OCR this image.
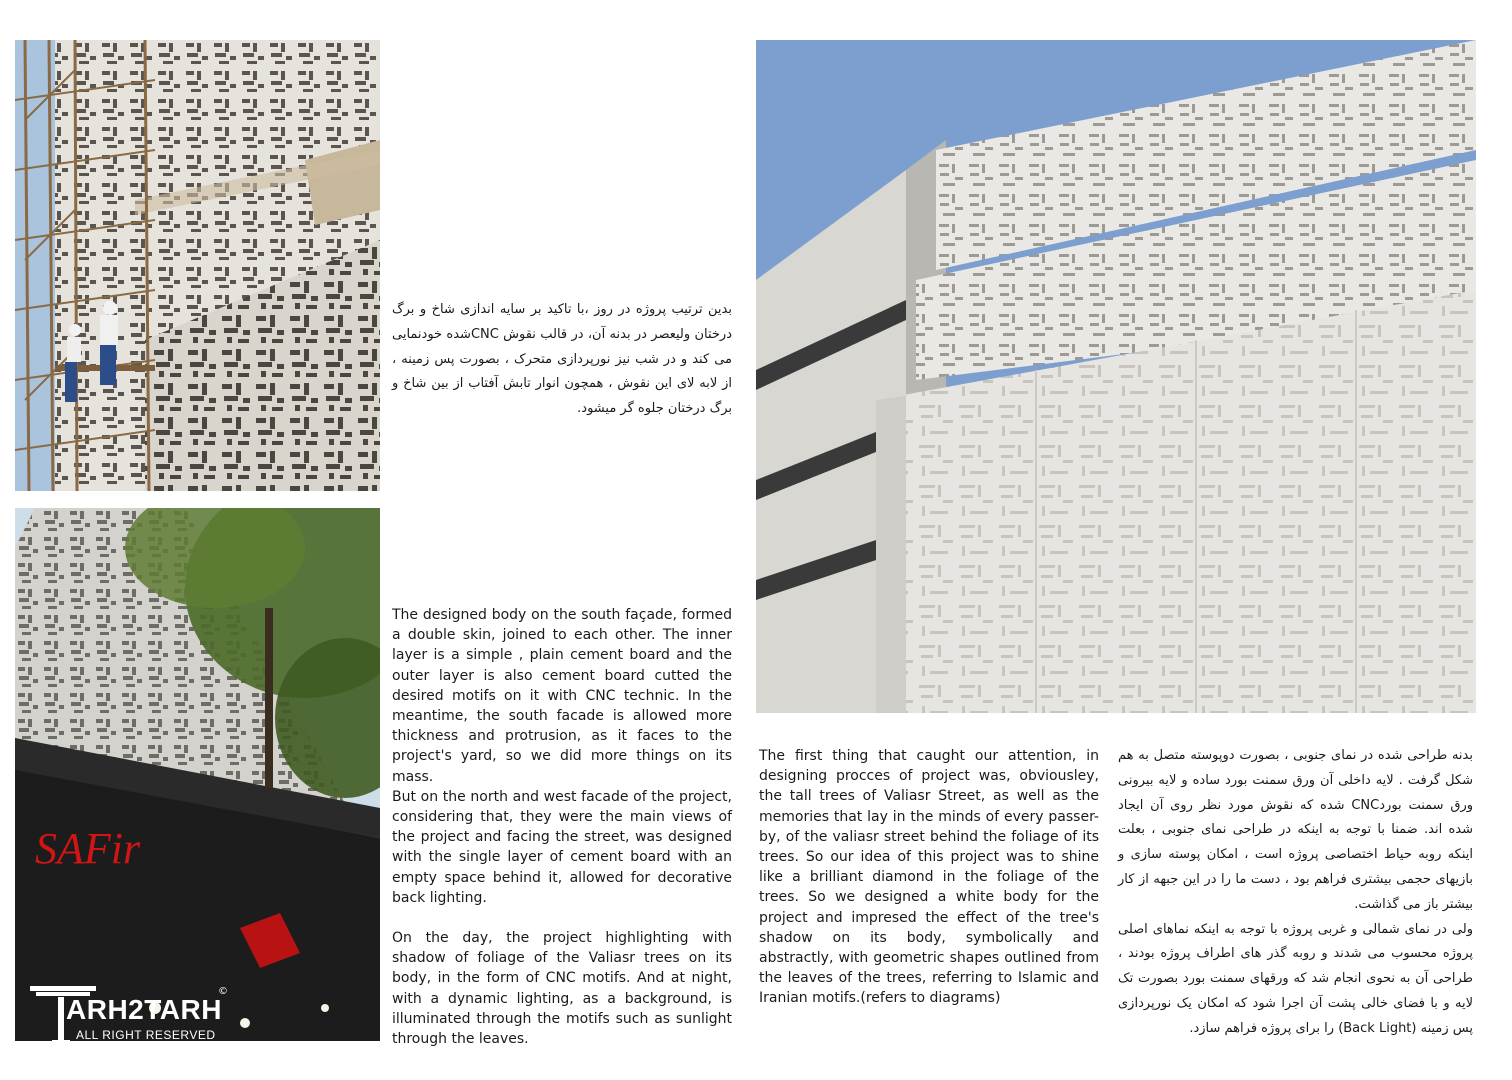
SAFir

بدین ترتیب پروژه در روز ،با تاکید بر سایه اندازی شاخ و برگ درختان ولیعصر در بدنه آن، در قالب نقوش CNCشده خودنمایی می کند و در شب نیز نورپردازی متحرک ، بصورت پس زمینه ، از لابه لای این نقوش ، همچون انوار تابش آفتاب از بین شاخ و برگ درختان جلوه گر میشود.

The designed body on the south façade, formed a double skin, joined to each other. The inner layer is a simple , plain cement board and the outer layer is also cement board cutted the desired motifs on it with CNC technic. In the meantime, the south facade is allowed more thickness and protrusion, as it faces to the project's yard, so we did more things on its mass.

But on the north and west facade of the project, considering that, they were the main views of the project and facing the street, was designed with the single layer of cement board with an empty space behind it, allowed for decorative back lighting.

On the day, the project highlighting with shadow of foliage of the Valiasr trees on its body, in the form of CNC motifs. And at night, with a dynamic lighting, as a background, is illuminated through the motifs such as sunlight through the leaves.

The first thing that caught our attention, in designing procces of project was, obviousley, the tall trees of Valiasr Street, as well as the memories that lay in the minds of every passer-by, of the valiasr street behind the foliage of its trees. So our idea of this project was to shine like a brilliant diamond in the foliage of the trees. So we designed a white body for the project and impresed the effect of the tree's shadow on its body, symbolically and abstractly, with geometric shapes outlined from the leaves of the trees, referring to Islamic and Iranian motifs.(refers to diagrams)

بدنه طراحی شده در نمای جنوبی ، بصورت دوپوسته متصل به هم شکل گرفت . لایه داخلی آن ورق سمنت بورد ساده و لایه بیرونی ورق سمنت بوردCNC شده که نقوش مورد نظر روی آن ایجاد شده اند. ضمنا با توجه به اینکه در طراحی نمای جنوبی ، بعلت اینکه روبه حیاط اختصاصی پروژه است ، امکان پوسته سازی و بازیهای حجمی بیشتری فراهم بود ، دست ما را در این جبهه از کار بیشتر باز می گذاشت.

ولی در نمای شمالی و غربی پروژه با توجه به اینکه نماهای اصلی پروژه محسوب می شدند و روبه گذر های اطراف پروژه بودند ، طراحی آن به نحوی انجام شد که ورقهای سمنت بورد بصورت تک لایه و با فضای خالی پشت آن اجرا شود که امکان یک نورپردازی پس زمینه (Back Light) را برای پروژه فراهم سازد.

ARH2TARH
ALL RIGHT RESERVED
©
